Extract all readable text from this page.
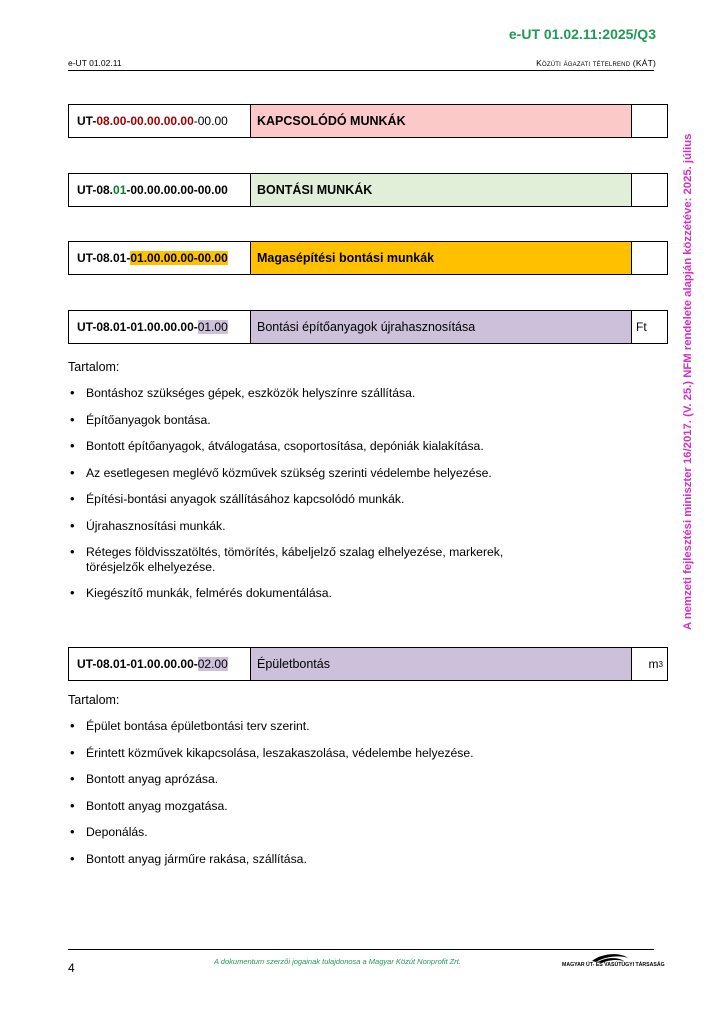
e-UT 01.02.11:2025/Q3
e-UT 01.02.11	Közúti ágazati tételrend (KÁT)
A nemzeti fejlesztési miniszter 16/2017. (V. 25.) NFM rendelete alapján közzétéve: 2025. július
UT- 08.00-00.00.00.00 -00.00	KAPCSOLÓDÓ MUNKÁK
UT-08. 01 -00.00.00.00-00.00	BONTÁSI MUNKÁK
UT-08.01- 01.00.00.00-00.00	Magasépítési bontási munkák
UT-08.01-01.00.00.00- 01.00	Bontási építőanyagok újrahasznosítása	Ft
Tartalom:
• Bontáshoz szükséges gépek, eszközök helyszínre szállítása.
• Építőanyagok bontása.
• Bontott építőanyagok, átválogatása, csoportosítása, depóniák kialakítása.
• Az esetlegesen meglévő közművek szükség szerinti védelembe helyezése.
• Építési-bontási anyagok szállításához kapcsolódó munkák.
• Újrahasznosítási munkák.
• Réteges földvisszatöltés, tömörítés, kábeljelző szalag elhelyezése, markerek, törésjelzők elhelyezése.
• Kiegészítő munkák, felmérés dokumentálása.
UT-08.01-01.00.00.00- 02.00	Épületbontás	m 3
Tartalom:
• Épület bontása épületbontási terv szerint.
• Érintett közművek kikapcsolása, leszakaszolása, védelembe helyezése.
• Bontott anyag aprózása.
• Bontott anyag mozgatása.
• Deponálás.
• Bontott anyag járműre rakása, szállítása.
4	A dokumentum szerzői jogainak tulajdonosa a Magyar Közút Nonprofit Zrt.	MAGYAR ÚT- ÉS VASÚTÜGYI TÁRSASÁG
